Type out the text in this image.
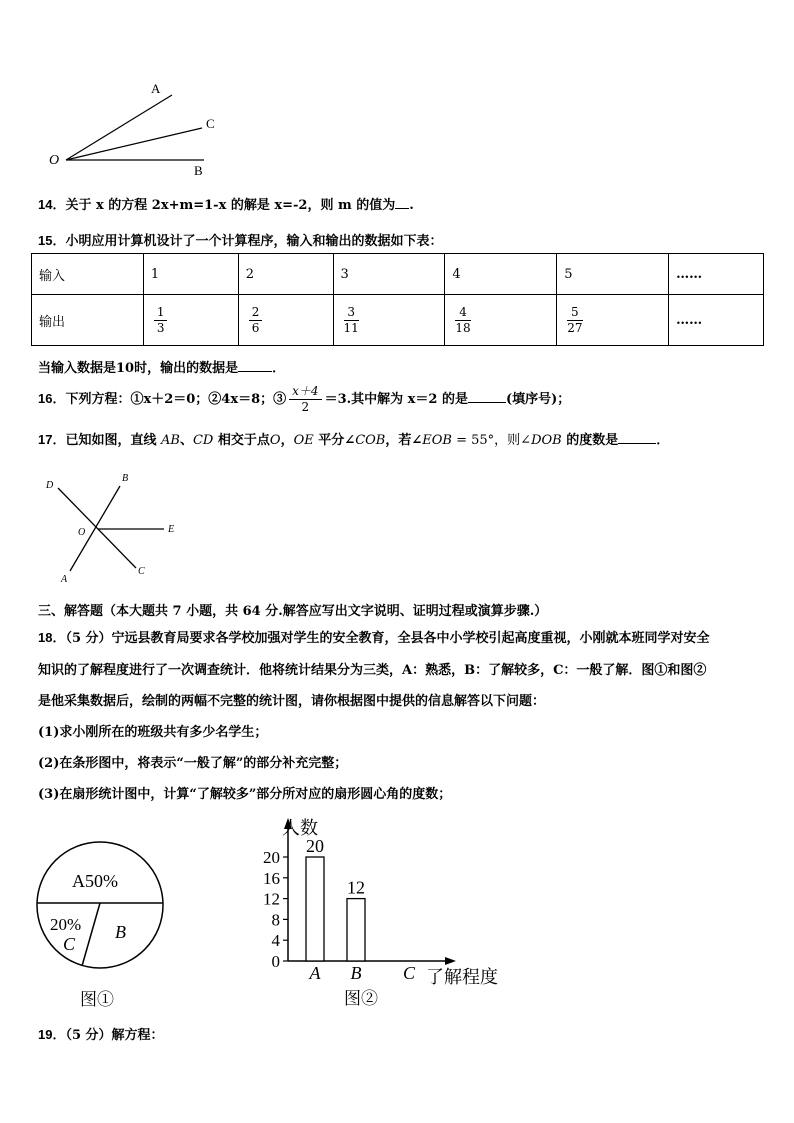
A
C
O
B
14．关于 x 的方程 2x+m=1-x 的解是 x=-2，则 m 的值为 .
15．小明应用计算机设计了一个计算程序，输入和输出的数据如下表：
输入	1	2	3	4	5	……
输出	$\frac{1}{3}$	$\frac{2}{6}$	$\frac{3}{11}$	$\frac{4}{18}$	$\frac{5}{27}$	……
当输入数据是10时，输出的数据是	．
16．下列方程：①x＋2＝0；②4x＝8；③ $\frac{x+4}{2} =3$.其中解为 x＝2 的是	(填序号)；
17．已知如图，直线 AB、CD 相交于点O，OE 平分∠COB，若∠EOB = 55°，则∠DOB 的度数是	．
D
B
O	E
A
C
三、解答题（本大题共 7 小题，共 64 分.解答应写出文字说明、证明过程或演算步骤.）
18．（5 分）宁远县教育局要求各学校加强对学生的安全教育，全县各中小学校引起高度重视，小刚就本班同学对安全
知识的了解程度进行了一次调查统计．他将统计结果分为三类，A：熟悉，B：了解较多，C：一般了解．图①和图②
是他采集数据后，绘制的两幅不完整的统计图，请你根据图中提供的信息解答以下问题：
(1)求小刚所在的班级共有多少名学生；
(2)在条形图中，将表示“一般了解”的部分补充完整；
(3)在扇形统计图中，计算“了解较多”部分所对应的扇形圆心角的度数；
A50%
20%
C
B
图①
人数
了解程度
图②
20
16
12
8
4
0
A
20
B
12
C
19．（5 分）解方程：
